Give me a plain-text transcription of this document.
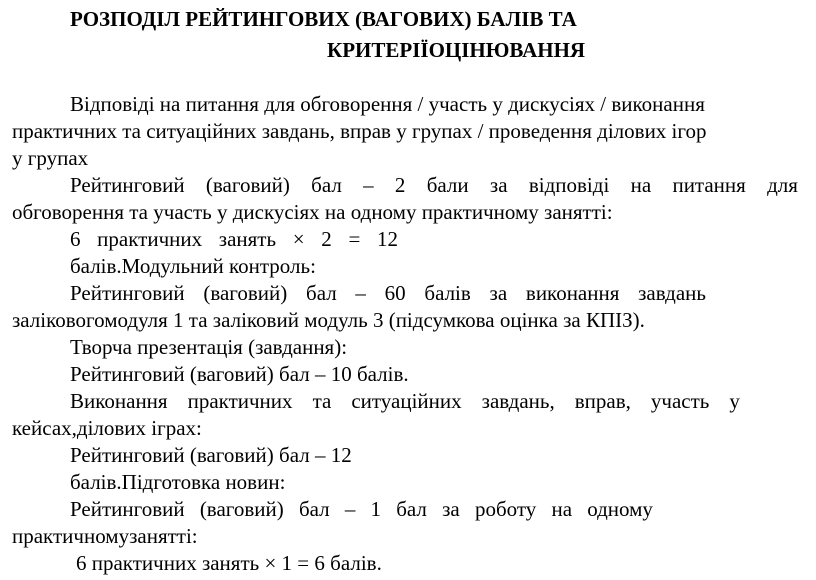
РОЗПОДІЛ РЕЙТИНГОВИХ (ВАГОВИХ) БАЛІВ ТА
КРИТЕРІЇОЦІНЮВАННЯ
Відповіді на питання для обговорення / участь у дискусіях / виконання
практичних та ситуаційних завдань, вправ у групах / проведення ділових ігор
у групах
Рейтинговий (ваговий) бал – 2 бали за відповіді на питання для
обговорення та участь у дискусіях на одному практичному занятті:
6 практичних занять × 2 = 12
балів.Модульний контроль:
Рейтинговий (ваговий) бал – 60 балів за виконання завдань
заліковогомодуля 1 та заліковий модуль 3 (підсумкова оцінка за КПІЗ).
Творча презентація (завдання):
Рейтинговий (ваговий) бал – 10 балів.
Виконання практичних та ситуаційних завдань, вправ, участь у
кейсах,ділових іграх:
Рейтинговий (ваговий) бал – 12
балів.Підготовка новин:
Рейтинговий (ваговий) бал – 1 бал за роботу на одному
практичномузанятті:
6 практичних занять × 1 = 6 балів.
